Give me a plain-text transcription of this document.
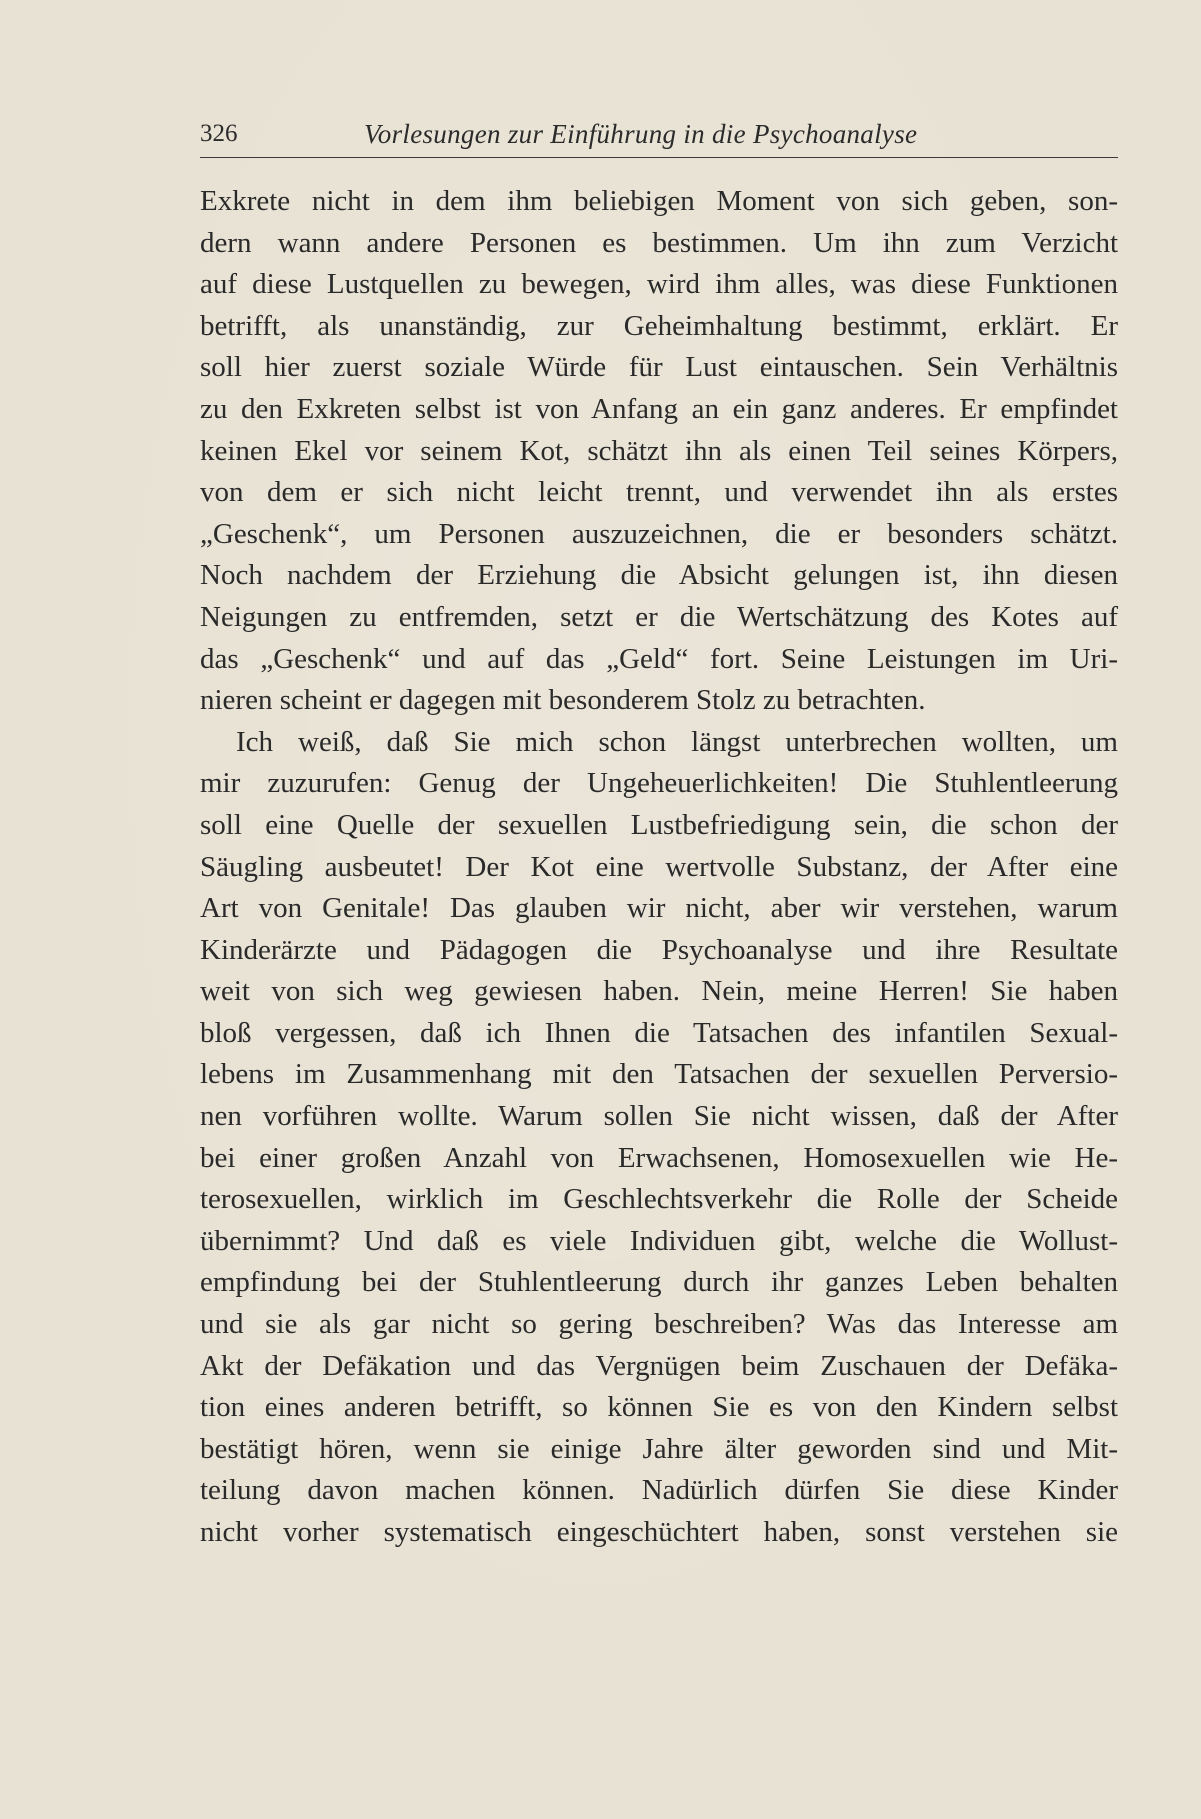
326	Vorlesungen zur Einführung in die Psychoanalyse
Exkrete nicht in dem ihm beliebigen Moment von sich geben, son-
dern wann andere Personen es bestimmen. Um ihn zum Verzicht
auf diese Lustquellen zu bewegen, wird ihm alles, was diese Funktionen
betrifft, als unanständig, zur Geheimhaltung bestimmt, erklärt. Er
soll hier zuerst soziale Würde für Lust eintauschen. Sein Verhältnis
zu den Exkreten selbst ist von Anfang an ein ganz anderes. Er empfindet
keinen Ekel vor seinem Kot, schätzt ihn als einen Teil seines Körpers,
von dem er sich nicht leicht trennt, und verwendet ihn als erstes
„Geschenk“, um Personen auszuzeichnen, die er besonders schätzt.
Noch nachdem der Erziehung die Absicht gelungen ist, ihn diesen
Neigungen zu entfremden, setzt er die Wertschätzung des Kotes auf
das „Geschenk“ und auf das „Geld“ fort. Seine Leistungen im Uri-
nieren scheint er dagegen mit besonderem Stolz zu betrachten.
Ich weiß, daß Sie mich schon längst unterbrechen wollten, um
mir zuzurufen: Genug der Ungeheuerlichkeiten! Die Stuhlentleerung
soll eine Quelle der sexuellen Lustbefriedigung sein, die schon der
Säugling ausbeutet! Der Kot eine wertvolle Substanz, der After eine
Art von Genitale! Das glauben wir nicht, aber wir verstehen, warum
Kinderärzte und Pädagogen die Psychoanalyse und ihre Resultate
weit von sich weg gewiesen haben. Nein, meine Herren! Sie haben
bloß vergessen, daß ich Ihnen die Tatsachen des infantilen Sexual-
lebens im Zusammenhang mit den Tatsachen der sexuellen Perversio-
nen vorführen wollte. Warum sollen Sie nicht wissen, daß der After
bei einer großen Anzahl von Erwachsenen, Homosexuellen wie He-
terosexuellen, wirklich im Geschlechtsverkehr die Rolle der Scheide
übernimmt? Und daß es viele Individuen gibt, welche die Wollust-
empfindung bei der Stuhlentleerung durch ihr ganzes Leben behalten
und sie als gar nicht so gering beschreiben? Was das Interesse am
Akt der Defäkation und das Vergnügen beim Zuschauen der Defäka-
tion eines anderen betrifft, so können Sie es von den Kindern selbst
bestätigt hören, wenn sie einige Jahre älter geworden sind und Mit-
teilung davon machen können. Nadürlich dürfen Sie diese Kinder
nicht vorher systematisch eingeschüchtert haben, sonst verstehen sie
